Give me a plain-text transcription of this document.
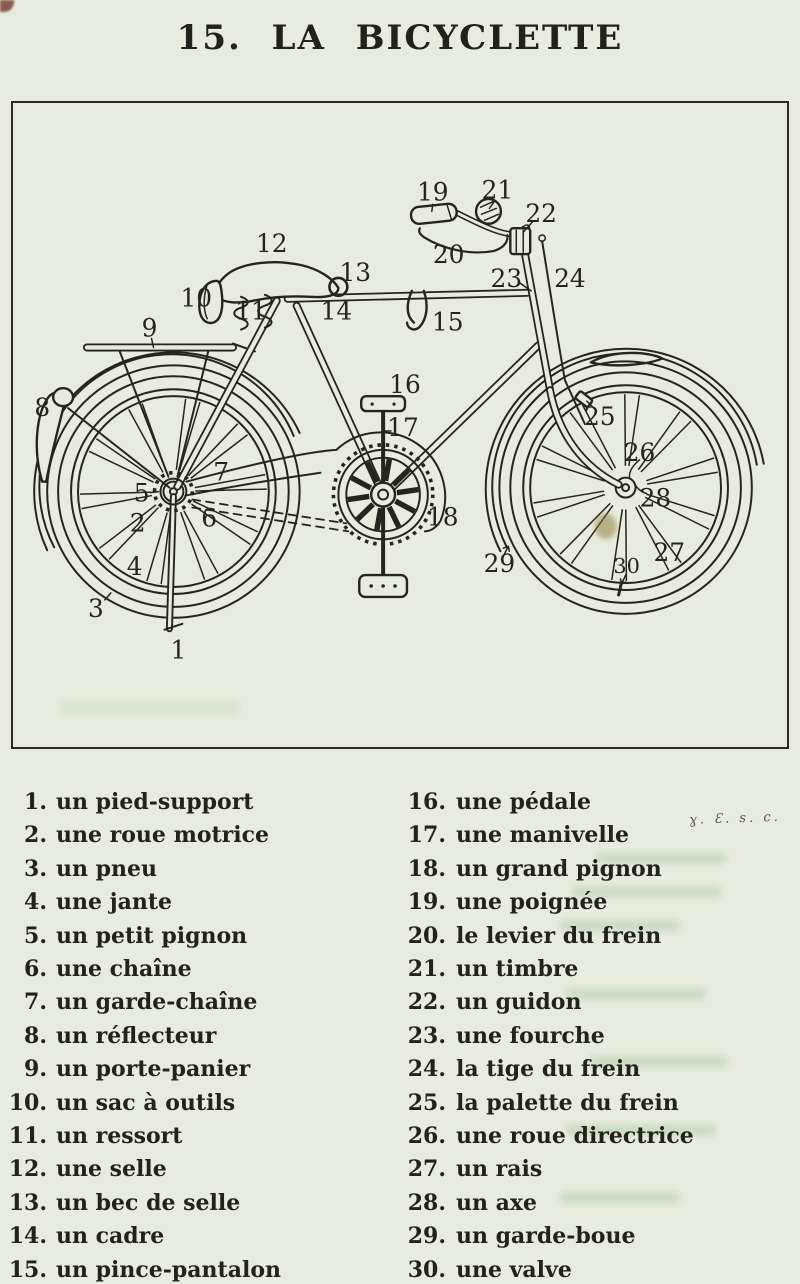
15. LA BICYCLETTE
1
2
3
4
5
6
7
8
9
10 11
12
13
14	15
16
17
18
19
20
21
22
23 24
25
26
27
28
29	30
ɣ. Ɛ. s. c.
1. un pied-support
2. une roue motrice
3. un pneu
4. une jante
5. un petit pignon
6. une chaîne
7. un garde-chaîne
8. un réflecteur
9. un porte-panier
10. un sac à outils
11. un ressort
12. une selle
13. un bec de selle
14. un cadre
15. un pince-pantalon
16. une pédale
17. une manivelle
18. un grand pignon
19. une poignée
20. le levier du frein
21. un timbre
22. un guidon
23. une fourche
24. la tige du frein
25. la palette du frein
26. une roue directrice
27. un rais
28. un axe
29. un garde-boue
30. une valve
